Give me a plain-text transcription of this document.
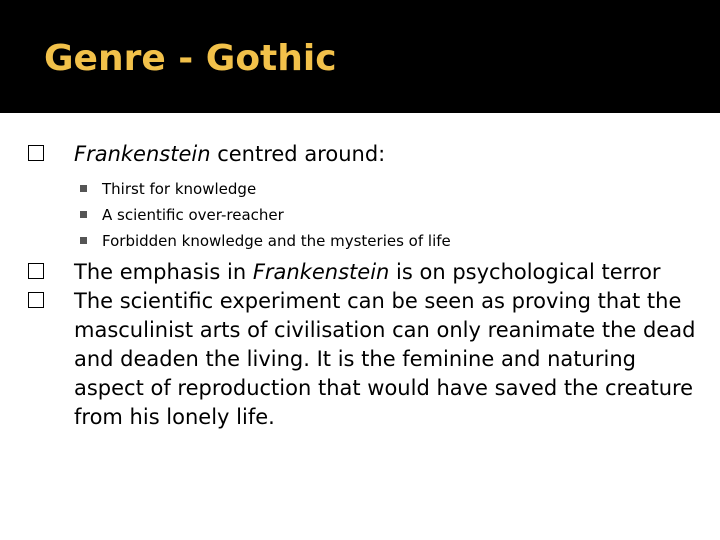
Genre - Gothic
Frankenstein centred around:
Thirst for knowledge
A scientific over-reacher
Forbidden knowledge and the mysteries of life
The emphasis in Frankenstein is on psychological terror
The scientific experiment can be seen as proving that the masculinist arts of civilisation can only reanimate the dead and deaden the living. It is the feminine and naturing aspect of reproduction that would have saved the creature from his lonely life.
